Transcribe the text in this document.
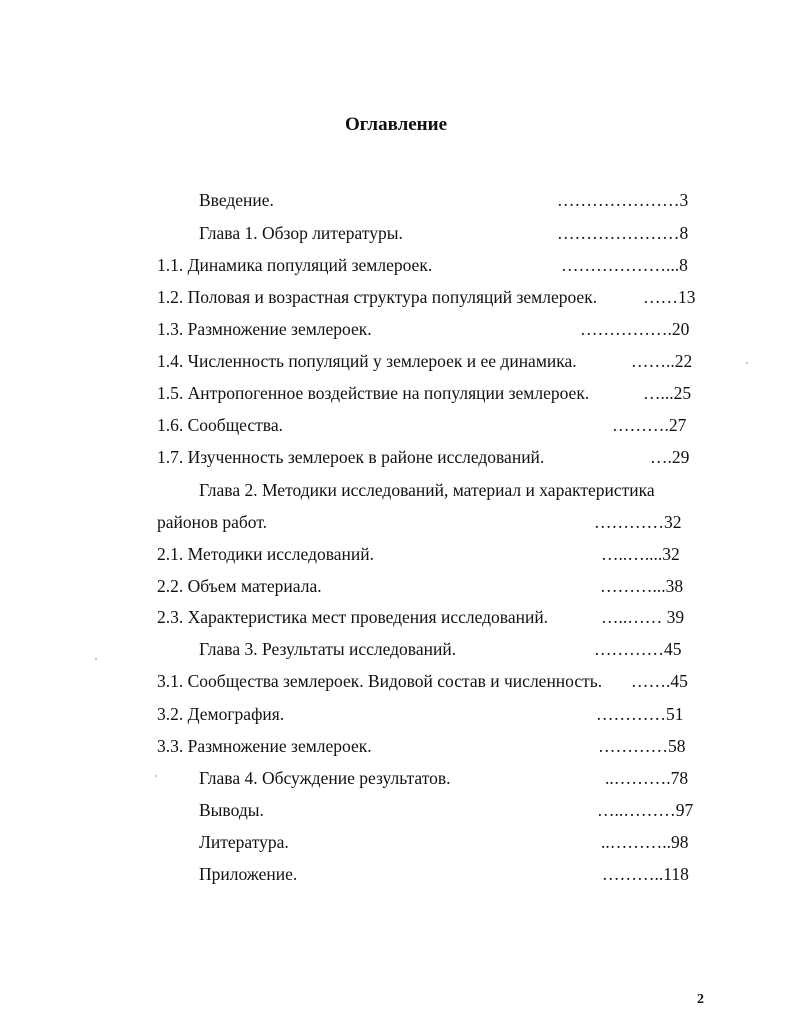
Оглавление
Введение.	…………………3
Глава 1. Обзор литературы.	…………………8
1.1. Динамика популяций землероек.	………………...8
1.2. Половая и возрастная структура популяций землероек.	……13
1.3. Размножение землероек.	…………….20
1.4. Численность популяций у землероек и ее динамика.	……..22
1.5. Антропогенное воздействие на популяции землероек.	…...25
1.6. Сообщества.	……….27
1.7. Изученность землероек в районе исследований.	….29
Глава 2. Методики исследований, материал и характеристика
районов работ.	…………32
2.1. Методики исследований.	…..…....32
2.2. Объем материала.	………...38
2.3. Характеристика мест проведения исследований.	…..…… 39
Глава 3. Результаты исследований.	…………45
3.1. Сообщества землероек. Видовой состав и численность. …….45
3.2. Демография.	…………51
3.3. Размножение землероек.	…………58
Глава 4. Обсуждение результатов.	..……….78
Выводы.	…..………97
Литература.	..………..98
Приложение.	………..118
2
